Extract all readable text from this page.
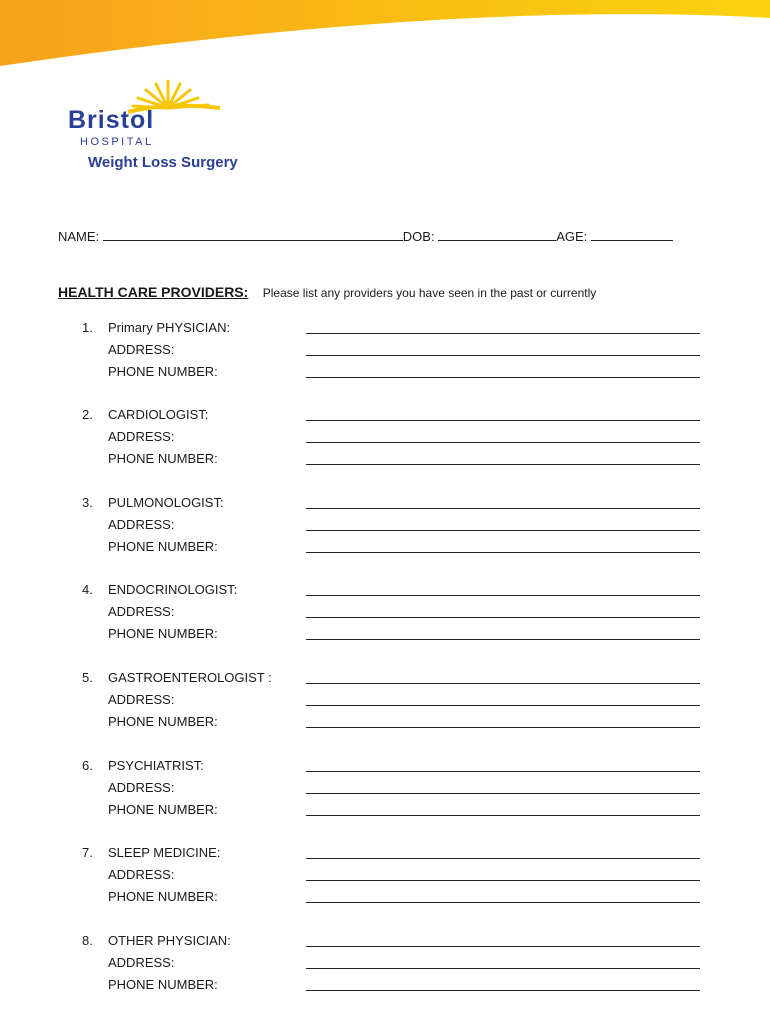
Bristol
HOSPITAL
Weight Loss Surgery
NAME:	DOB:	AGE:
HEALTH CARE PROVIDERS: Please list any providers you have seen in the past or currently
1. Primary PHYSICIAN:
ADDRESS:
PHONE NUMBER:
2. CARDIOLOGIST:
ADDRESS:
PHONE NUMBER:
3. PULMONOLOGIST:
ADDRESS:
PHONE NUMBER:
4. ENDOCRINOLOGIST:
ADDRESS:
PHONE NUMBER:
5. GASTROENTEROLOGIST :
ADDRESS:
PHONE NUMBER:
6. PSYCHIATRIST:
ADDRESS:
PHONE NUMBER:
7. SLEEP MEDICINE:
ADDRESS:
PHONE NUMBER:
8. OTHER PHYSICIAN:
ADDRESS:
PHONE NUMBER:
